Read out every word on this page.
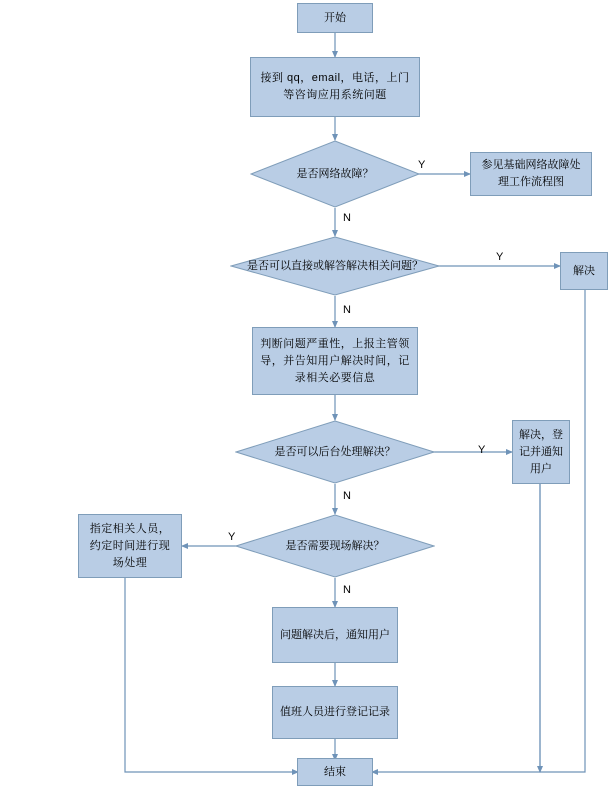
开始
接到 qq，email，电话，上门等咨询应用系统问题
是否网络故障？
参见基础网络故障处理工作流程图
是否可以直接或解答解决相关问题？	解决
判断问题严重性，上报主管领导，并告知用户解决时间，记录相关必要信息
是否可以后台处理解决？
解决，登记并通知用户
是否需要现场解决？
指定相关人员，约定时间进行现场处理
问题解决后，通知用户
值班人员进行登记记录
结束
Y
N
Y
N
Y
N
Y
N
